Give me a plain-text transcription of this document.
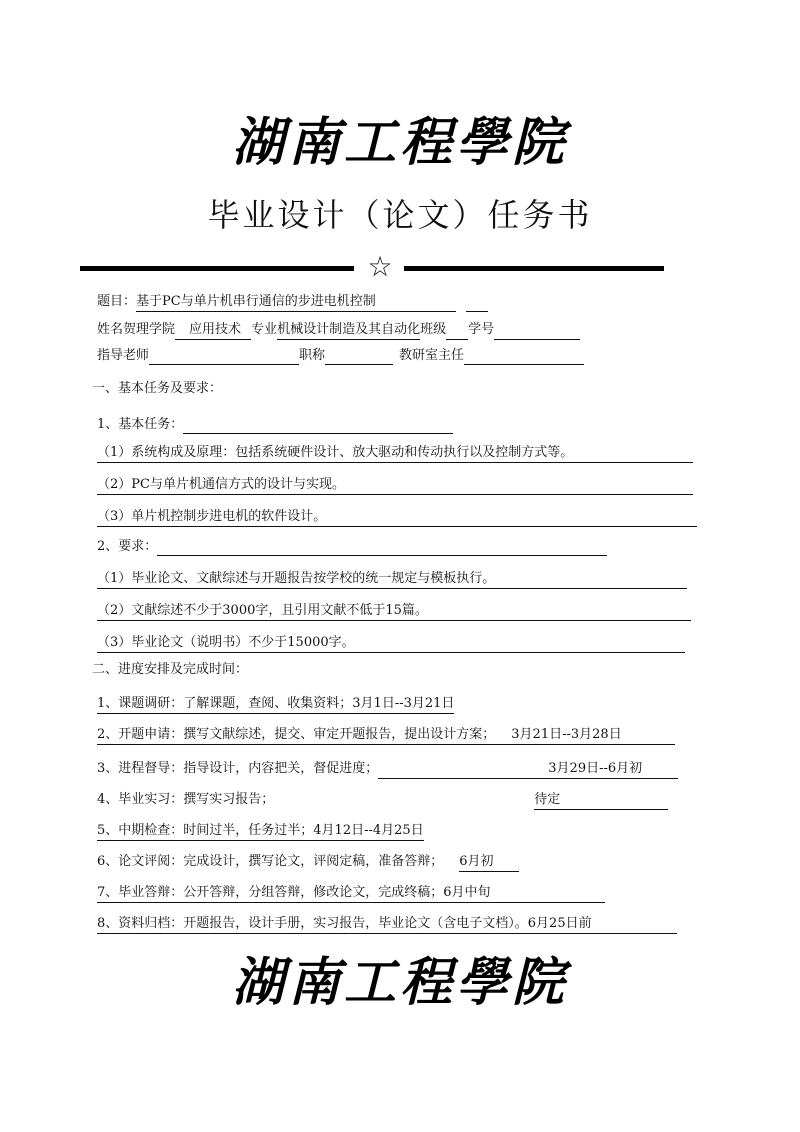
湖南工程學院
毕业设计（论文）任务书
☆
题目：基于PC与单片机串行通信的步进电机控制
姓名贺理学院 应用技术 专业机械设计制造及其自动化班级 学号
指导老师	职称	教研室主任
一、基本任务及要求：
1、基本任务：
（1）系统构成及原理：包括系统硬件设计、放大驱动和传动执行以及控制方式等。
（2）PC与单片机通信方式的设计与实现。
（3）单片机控制步进电机的软件设计。
2、要求：
（1）毕业论文、文献综述与开题报告按学校的统一规定与模板执行。
（2）文献综述不少于3000字，且引用文献不低于15篇。
（3）毕业论文（说明书）不少于15000字。
二、进度安排及完成时间：
1、课题调研：了解课题，查阅、收集资料；3月1日--3月21日
2、开题申请：撰写文献综述，提交、审定开题报告，提出设计方案； 3月21日--3月28日
3、进程督导：指导设计，内容把关，督促进度；	3月29日--6月初
4、毕业实习：撰写实习报告；	待定
5、中期检查：时间过半，任务过半；4月12日--4月25日
6、论文评阅：完成设计，撰写论文，评阅定稿，准备答辩； 6月初
7、毕业答辩：公开答辩，分组答辩，修改论文，完成终稿；6月中旬
8、资料归档：开题报告，设计手册，实习报告，毕业论文（含电子文档）。6月25日前
湖南工程學院
